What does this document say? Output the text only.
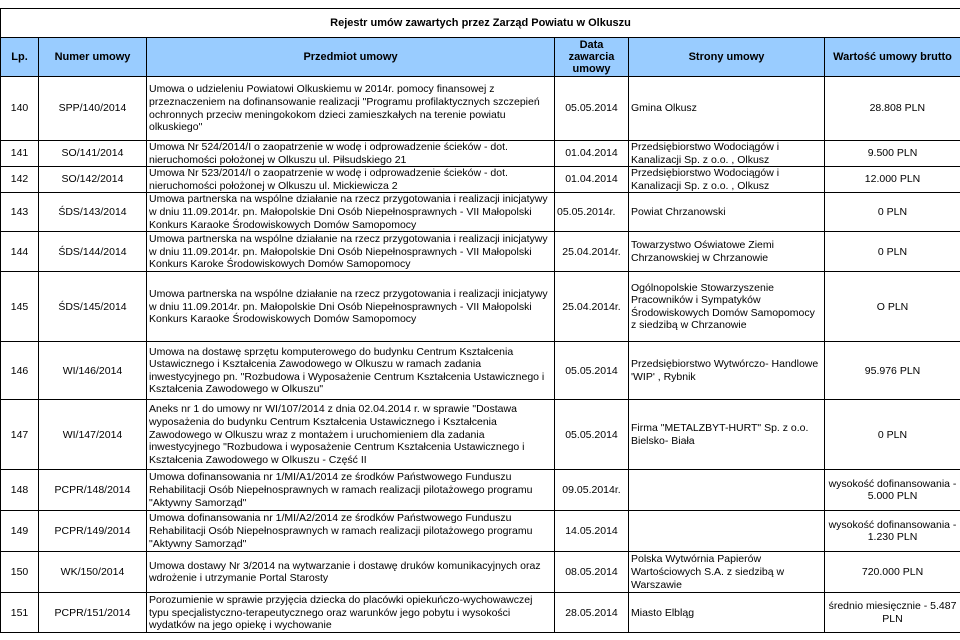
Rejestr umów zawartych przez Zarząd Powiatu w Olkuszu					
Lp.	Numer umowy	Przedmiot umowy	Data zawarcia umowy	Strony umowy	Wartość umowy brutto
140	SPP/140/2014	Umowa o udzieleniu Powiatowi Olkuskiemu w 2014r. pomocy finansowej z przeznaczeniem na dofinansowanie realizacji "Programu profilaktycznych szczepień ochronnych przeciw meningokokom dzieci zamieszkałych na terenie powiatu olkuskiego"	05.05.2014	Gmina Olkusz	28.808 PLN
141	SO/141/2014	Umowa Nr 524/2014/I o zaopatrzenie w wodę i odprowadzenie ścieków - dot. nieruchomości położonej w Olkuszu ul. Piłsudskiego 21	01.04.2014	Przedsiębiorstwo Wodociągów i Kanalizacji Sp. z o.o. , Olkusz	9.500 PLN
142	SO/142/2014	Umowa Nr 523/2014/I o zaopatrzenie w wodę i odprowadzenie ścieków - dot. nieruchomości położonej w Olkuszu ul. Mickiewicza 2	01.04.2014	Przedsiębiorstwo Wodociągów i Kanalizacji Sp. z o.o. , Olkusz	12.000 PLN
143	ŚDS/143/2014	Umowa partnerska na wspólne działanie na rzecz przygotowania i realizacji inicjatywy w dniu 11.09.2014r. pn. Małopolskie Dni Osób Niepełnosprawnych - VII Małopolski Konkurs Karaoke Środowiskowych Domów Samopomocy	05.05.2014r.	Powiat Chrzanowski	0 PLN
144	ŚDS/144/2014	Umowa partnerska na wspólne działanie na rzecz przygotowania i realizacji inicjatywy w dniu 11.09.2014r. pn. Małopolskie Dni Osób Niepełnosprawnych - VII Małopolski Konkurs Karoke Środowiskowych Domów Samopomocy	25.04.2014r.	Towarzystwo Oświatowe Ziemi Chrzanowskiej w Chrzanowie	0 PLN
145	ŚDS/145/2014	Umowa partnerska na wspólne działanie na rzecz przygotowania i realizacji inicjatywy w dniu 11.09.2014r. pn. Małopolskie Dni Osób Niepełnosprawnych - VII Małopolski Konkurs Karaoke Środowiskowych Domów Samopomocy	25.04.2014r.	Ogólnopolskie Stowarzyszenie Pracowników i Sympatyków Środowiskowych Domów Samopomocy z siedzibą w Chrzanowie	O PLN
146	WI/146/2014	Umowa na dostawę sprzętu komputerowego do budynku Centrum Kształcenia Ustawicznego i Kształcenia Zawodowego w Olkuszu w ramach zadania inwestycyjnego pn. "Rozbudowa i Wyposażenie Centrum Kształcenia Ustawicznego i Kształcenia Zawodowego w Olkuszu"	05.05.2014	Przedsiębiorstwo Wytwórczo- Handlowe 'WIP' , Rybnik	95.976 PLN
147	WI/147/2014	Aneks nr 1 do umowy nr WI/107/2014 z dnia 02.04.2014 r. w sprawie "Dostawa wyposażenia do budynku Centrum Kształcenia Ustawicznego i Kształcenia Zawodowego w Olkuszu wraz z montażem i uruchomieniem dla zadania inwestycyjnego "Rozbudowa i wyposażenie Centrum Kształcenia Ustawicznego i Kształcenia Zawodowego w Olkuszu - Część II	05.05.2014	Firma "METALZBYT-HURT" Sp. z o.o. Bielsko- Biała	0 PLN
148	PCPR/148/2014	Umowa dofinansowania nr 1/MI/A1/2014 ze środków Państwowego Funduszu Rehabilitacji Osób Niepełnosprawnych w ramach realizacji pilotażowego programu "Aktywny Samorząd"	09.05.2014r.		wysokość dofinansowania - 5.000 PLN
149	PCPR/149/2014	Umowa dofinansowania nr 1/MI/A2/2014 ze środków Państwowego Funduszu Rehabilitacji Osób Niepełnosprawnych w ramach realizacji pilotażowego programu "Aktywny Samorząd"	14.05.2014		wysokość dofinansowania - 1.230 PLN
150	WK/150/2014	Umowa dostawy Nr 3/2014 na wytwarzanie i dostawę druków komunikacyjnych oraz wdrożenie i utrzymanie Portal Starosty	08.05.2014	Polska Wytwórnia Papierów Wartościowych S.A. z siedzibą w Warszawie	720.000 PLN
151	PCPR/151/2014	Porozumienie w sprawie przyjęcia dziecka do placówki opiekuńczo-wychowawczej typu specjalistyczno-terapeutycznego oraz warunków jego pobytu i wysokości wydatków na jego opiekę i wychowanie	28.05.2014	Miasto Elbląg	średnio miesięcznie - 5.487 PLN
